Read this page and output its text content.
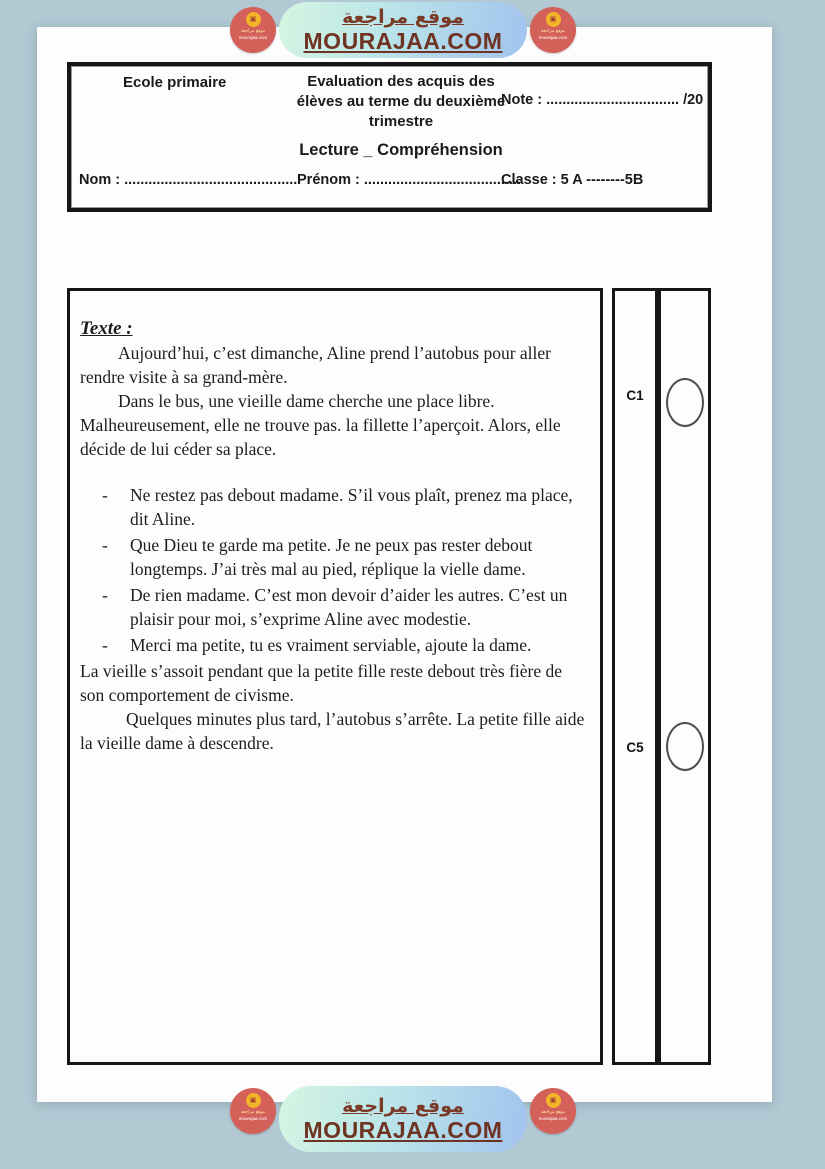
Ecole primaire	Evaluation des acquis des
élèves au terme du deuxième
trimestre
Lecture _ Compréhension
Note : ................................. /20
Nom : ........................................... Prénom : .......................................
Classe : 5 A --------5B
Texte :

Aujourd’hui, c’est dimanche, Aline prend l’autobus pour aller rendre visite à sa grand-mère.

Dans le bus, une vieille dame cherche une place libre. Malheureusement, elle ne trouve pas. la fillette l’aperçoit. Alors, elle décide de lui céder sa place.

-	Ne restez pas debout madame. S’il vous plaît, prenez ma place, dit Aline.
-	Que Dieu te garde ma petite. Je ne peux pas rester debout longtemps. J’ai très mal au pied, réplique la vielle dame.
-	De rien madame. C’est mon devoir d’aider les autres. C’est un plaisir pour moi, s’exprime Aline avec modestie.
-	Merci ma petite, tu es vraiment serviable, ajoute la dame.

La vieille s’assoit pendant que la petite fille reste debout très fière de son comportement de civisme.

Quelques minutes plus tard, l’autobus s’arrête. La petite fille aide la vieille dame à descendre.

C1
C5
▣
موقع مراجعة
mourajaa.com
موقع مراجعة
MOURAJAA.COM
▣
موقع مراجعة
mourajaa.com
▣
موقع مراجعة
mourajaa.com
موقع مراجعة
MOURAJAA.COM
▣
موقع مراجعة
mourajaa.com
